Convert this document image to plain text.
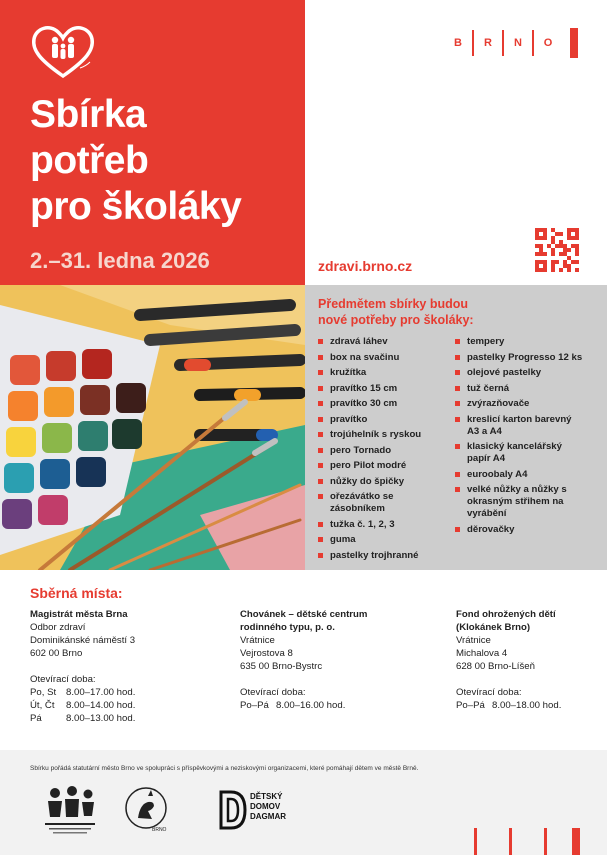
Sbírka
potřeb
pro školáky
2.–31. ledna 2026
B	R	N	O
zdravi.brno.cz
Předmětem sbírky budou
nové potřeby pro školáky:
zdravá láhev
box na svačinu
kružítka
pravítko 15 cm
pravítko 30 cm
pravítko
trojúhelník s ryskou
pero Tornado
pero Pilot modré
nůžky do špičky
ořezávátko se zásobníkem
tužka č. 1, 2, 3
guma
pastelky trojhranné
tempery
pastelky Progresso 12 ks
olejové pastelky
tuž černá
zvýrazňovače
kreslicí karton barevný A3 a A4
klasický kancelářský papír A4
euroobaly A4
velké nůžky a nůžky s okrasným střihem na vyrábění
děrovačky
Sběrná místa:
Magistrát města Brna
Odbor zdraví
Dominikánské náměstí 3
602 00 Brno
Otevírací doba:
Po, St	8.00–17.00 hod.
Út, Čt	8.00–14.00 hod.
Pá	8.00–13.00 hod.
Chovánek – dětské centrum
rodinného typu, p. o.
Vrátnice
Vejrostova 8
635 00 Brno-Bystrc
Otevírací doba:
Po–Pá 8.00–16.00 hod.
Fond ohrožených dětí
(Klokánek Brno)
Vrátnice
Michalova 4
628 00 Brno-Líšeň
Otevírací doba:
Po–Pá 8.00–18.00 hod.
Sbírku pořádá statutární město Brno ve spolupráci s příspěvkovými a neziskovými organizacemi, které pomáhají dětem ve městě Brně.
BRNO
DĚTSKÝ
DOMOV
DAGMAR
